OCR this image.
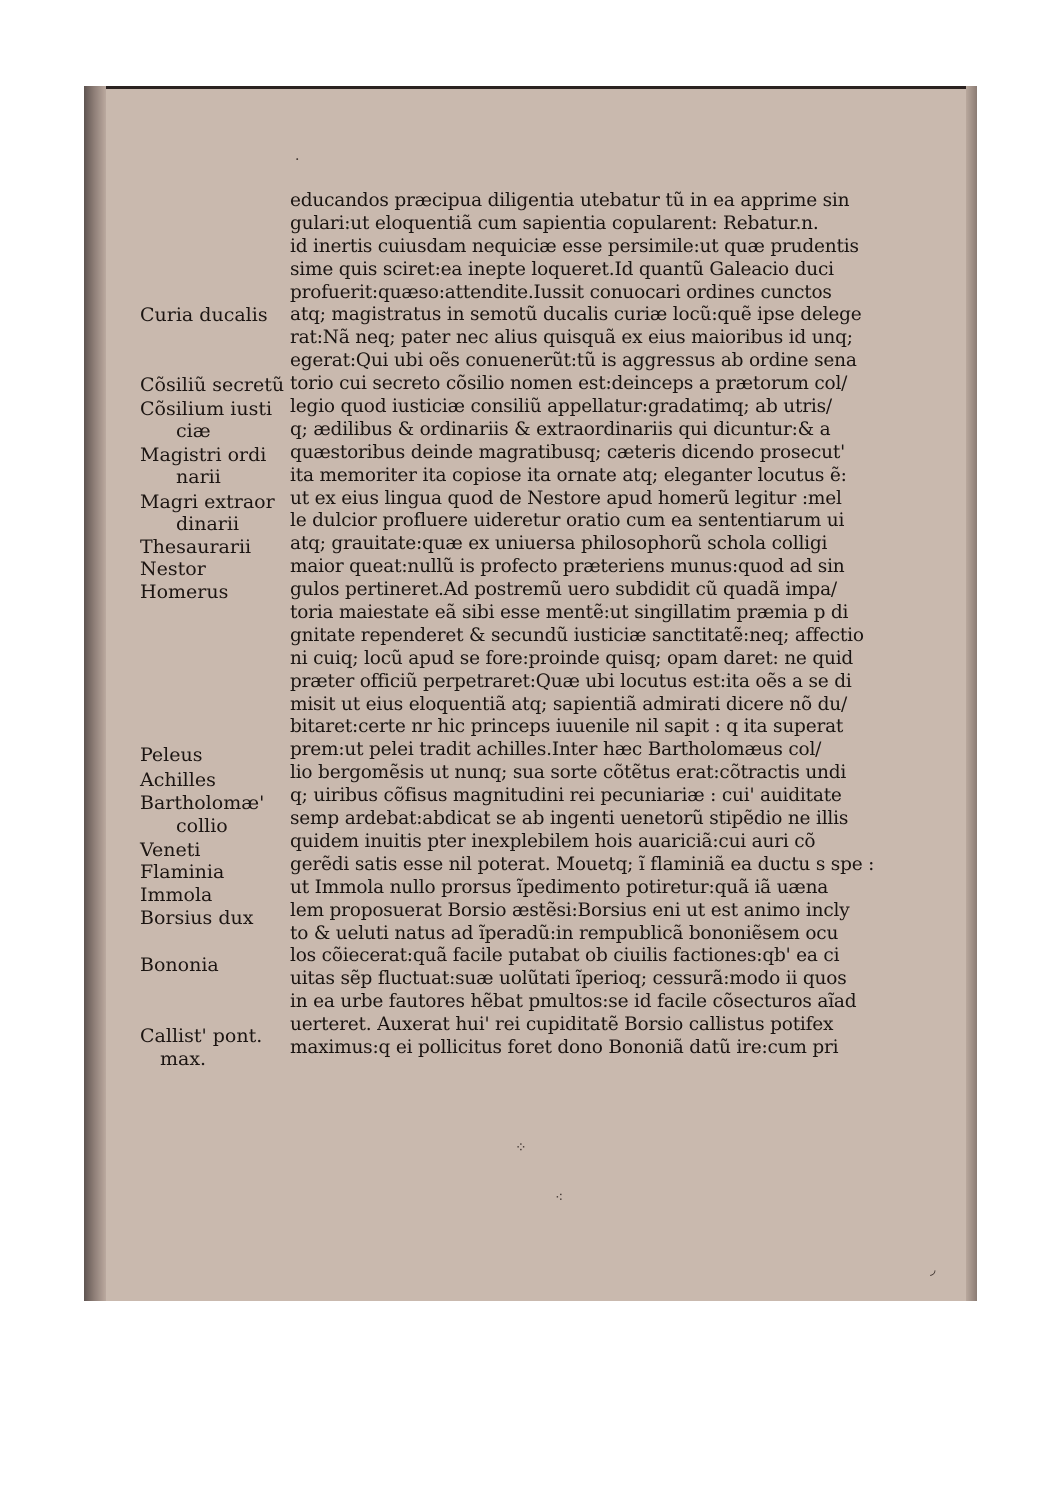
Curia ducalis
Cõsiliũ secretũ
Cõsilium iusti
ciæ
Magistri ordi
narii
Magri extraor
dinarii
Thesaurarii
Nestor
Homerus
Peleus
Achilles
Bartholomæ'
collio
Veneti
Flaminia
Immola
Borsius dux
Bononia
Callist' pont.
max.
educandos præcipua diligentia utebatur tũ in ea apprime sin
gulari:ut eloquentiã cum sapientia copularent: Rebatur.n.
id inertis cuiusdam nequiciæ esse persimile:ut quæ prudentis
sime quis sciret:ea inepte loqueret.Id quantũ Galeacio duci
profuerit:quæso:attendite.Iussit conuocari ordines cunctos
atq; magistratus in semotũ ducalis curiæ locũ:quẽ ipse delege
rat:Nã neq; pater nec alius quisquã ex eius maioribus id unq;
egerat:Qui ubi oẽs conuenerũt:tũ is aggressus ab ordine sena
torio cui secreto cõsilio nomen est:deinceps a prætorum col/
legio quod iusticiæ consiliũ appellatur:gradatimq; ab utris/
q; ædilibus & ordinariis & extraordinariis qui dicuntur:& a
quæstoribus deinde magratibusq; cæteris dicendo prosecut'
ita memoriter ita copiose ita ornate atq; eleganter locutus ẽ:
ut ex eius lingua quod de Nestore apud homerũ legitur :mel
le dulcior profluere uideretur oratio cum ea sententiarum ui
atq; grauitate:quæ ex uniuersa philosophorũ schola colligi
maior queat:nullũ is profecto præteriens munus:quod ad sin
gulos pertineret.Ad postremũ uero subdidit cũ quadã impa/
toria maiestate eã sibi esse mentẽ:ut singillatim præmia p di
gnitate rependeret & secundũ iusticiæ sanctitatẽ:neq; affectio
ni cuiq; locũ apud se fore:proinde quisq; opam daret: ne quid
præter officiũ perpetraret:Quæ ubi locutus est:ita oẽs a se di
misit ut eius eloquentiã atq; sapientiã admirati dicere nõ du/
bitaret:certe nr hic princeps iuuenile nil sapit : q ita superat
prem:ut pelei tradit achilles.Inter hæc Bartholomæus col/
lio bergomẽsis ut nunq; sua sorte cõtẽtus erat:cõtractis undi
q; uiribus cõfisus magnitudini rei pecuniariæ : cui' auiditate
semp ardebat:abdicat se ab ingenti uenetorũ stipẽdio ne illis
quidem inuitis pter inexplebilem hois auariciã:cui auri cõ
gerẽdi satis esse nil poterat. Mouetq; ĩ flaminiã ea ductu s spe :
ut Immola nullo prorsus ĩpedimento potiretur:quã iã uæna
lem proposuerat Borsio æstẽsi:Borsius eni ut est animo incly
to & ueluti natus ad ĩperadũ:in rempublicã bononiẽsem ocu
los cõiecerat:quã facile putabat ob ciuilis factiones:qb' ea ci
uitas sẽp fluctuat:suæ uolũtati ĩperioq; cessurã:modo ii quos
in ea urbe fautores hẽbat pmultos:se id facile cõsecturos aĩad
uerteret. Auxerat hui' rei cupiditatẽ Borsio callistus potifex
maximus:q ei pollicitus foret dono Bononiã datũ ire:cum pri
·
⁘
⁖
◞
